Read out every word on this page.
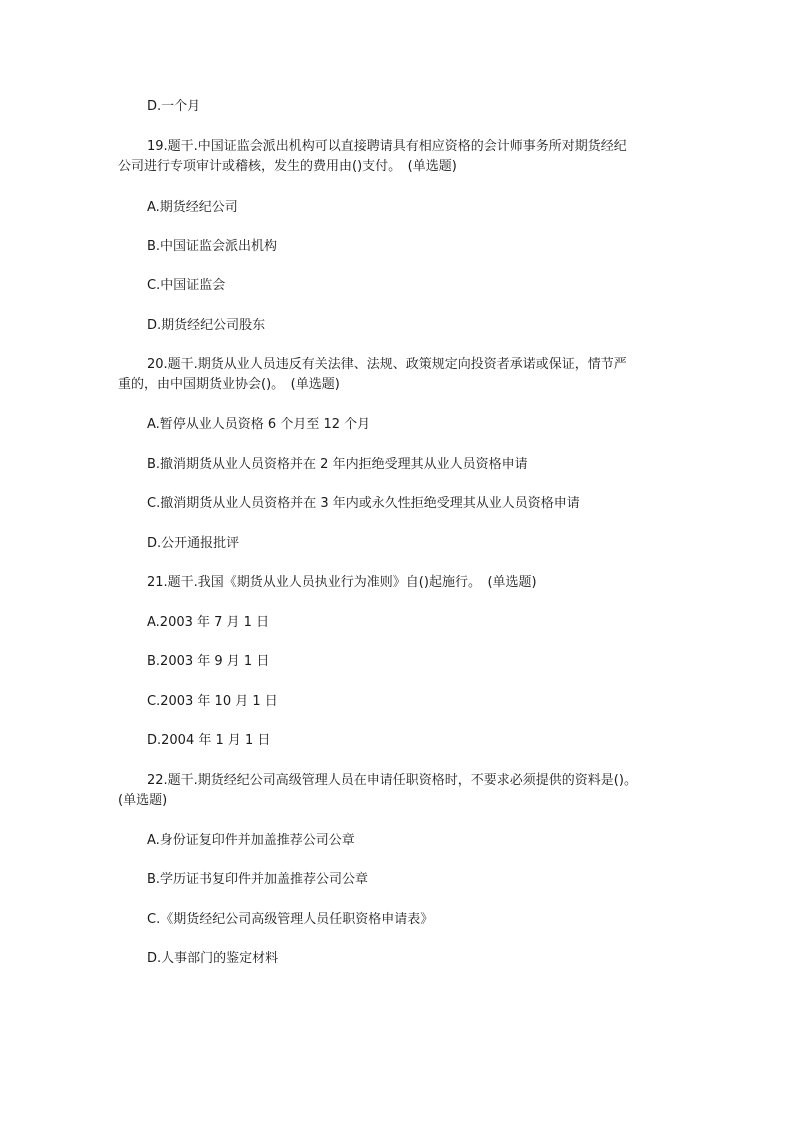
D.一个月
19.题干.中国证监会派出机构可以直接聘请具有相应资格的会计师事务所对期货经纪
公司进行专项审计或稽核，发生的费用由()支付。　(单选题)
A.期货经纪公司
B.中国证监会派出机构
C.中国证监会
D.期货经纪公司股东
20.题干.期货从业人员违反有关法律、法规、政策规定向投资者承诺或保证，情节严
重的，由中国期货业协会()。　(单选题)
A.暂停从业人员资格 6 个月至 12 个月
B.撤消期货从业人员资格并在 2 年内拒绝受理其从业人员资格申请
C.撤消期货从业人员资格并在 3 年内或永久性拒绝受理其从业人员资格申请
D.公开通报批评
21.题干.我国《期货从业人员执业行为准则》自()起施行。　(单选题)
A.2003 年 7 月 1 日
B.2003 年 9 月 1 日
C.2003 年 10 月 1 日
D.2004 年 1 月 1 日
22.题干.期货经纪公司高级管理人员在申请任职资格时，不要求必须提供的资料是()。
(单选题)
A.身份证复印件并加盖推荐公司公章
B.学历证书复印件并加盖推荐公司公章
C.《期货经纪公司高级管理人员任职资格申请表》
D.人事部门的鉴定材料
